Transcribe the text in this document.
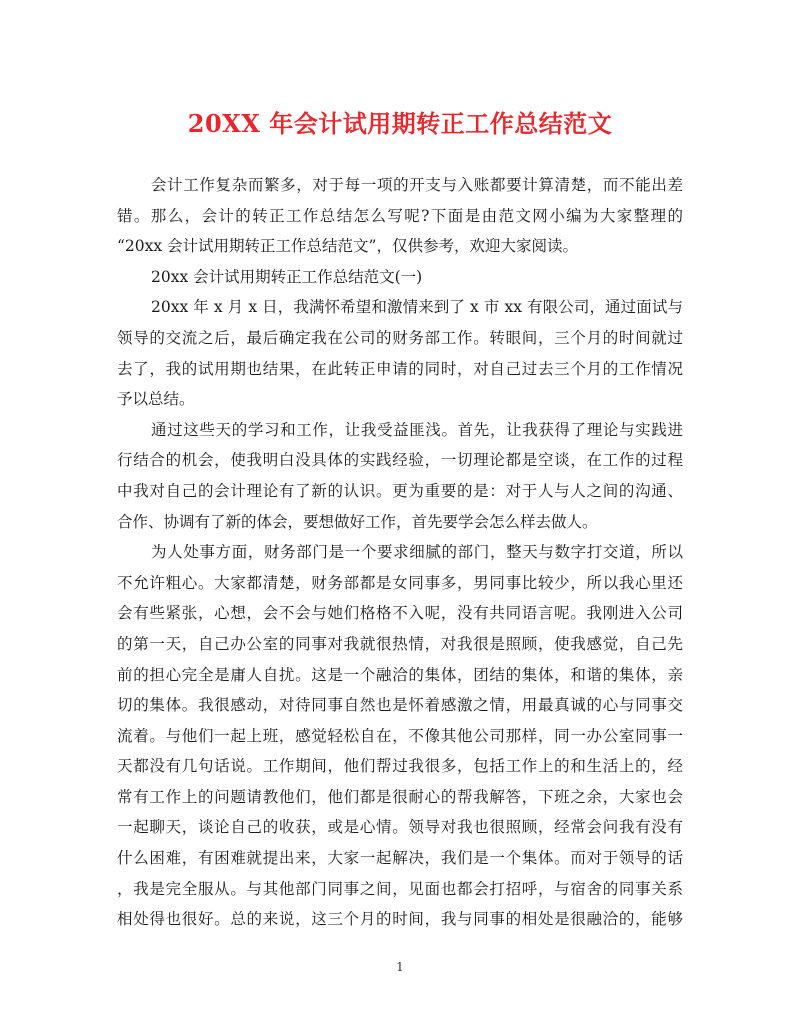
20XX 年会计试用期转正工作总结范文
会计工作复杂而繁多，对于每一项的开支与入账都要计算清楚，而不能出差
错。那么，会计的转正工作总结怎么写呢?下面是由范文网小编为大家整理的
“20xx 会计试用期转正工作总结范文”，仅供参考，欢迎大家阅读。
20xx 会计试用期转正工作总结范文(一)
20xx 年 x 月 x 日，我满怀希望和激情来到了 x 市 xx 有限公司，通过面试与
领导的交流之后，最后确定我在公司的财务部工作。转眼间，三个月的时间就过
去了，我的试用期也结果，在此转正申请的同时，对自己过去三个月的工作情况
予以总结。
通过这些天的学习和工作，让我受益匪浅。首先，让我获得了理论与实践进
行结合的机会，使我明白没具体的实践经验，一切理论都是空谈，在工作的过程
中我对自己的会计理论有了新的认识。更为重要的是：对于人与人之间的沟通、
合作、协调有了新的体会，要想做好工作，首先要学会怎么样去做人。
为人处事方面，财务部门是一个要求细腻的部门，整天与数字打交道，所以
不允许粗心。大家都清楚，财务部都是女同事多，男同事比较少，所以我心里还
会有些紧张，心想，会不会与她们格格不入呢，没有共同语言呢。我刚进入公司
的第一天，自己办公室的同事对我就很热情，对我很是照顾，使我感觉，自己先
前的担心完全是庸人自扰。这是一个融洽的集体，团结的集体，和谐的集体，亲
切的集体。我很感动，对待同事自然也是怀着感激之情，用最真诚的心与同事交
流着。与他们一起上班，感觉轻松自在，不像其他公司那样，同一办公室同事一
天都没有几句话说。工作期间，他们帮过我很多，包括工作上的和生活上的，经
常有工作上的问题请教他们，他们都是很耐心的帮我解答，下班之余，大家也会
一起聊天，谈论自己的收获，或是心情。领导对我也很照顾，经常会问我有没有
什么困难，有困难就提出来，大家一起解决，我们是一个集体。而对于领导的话
，我是完全服从。与其他部门同事之间，见面也都会打招呼，与宿舍的同事关系
相处得也很好。总的来说，这三个月的时间，我与同事的相处是很融洽的，能够
1
